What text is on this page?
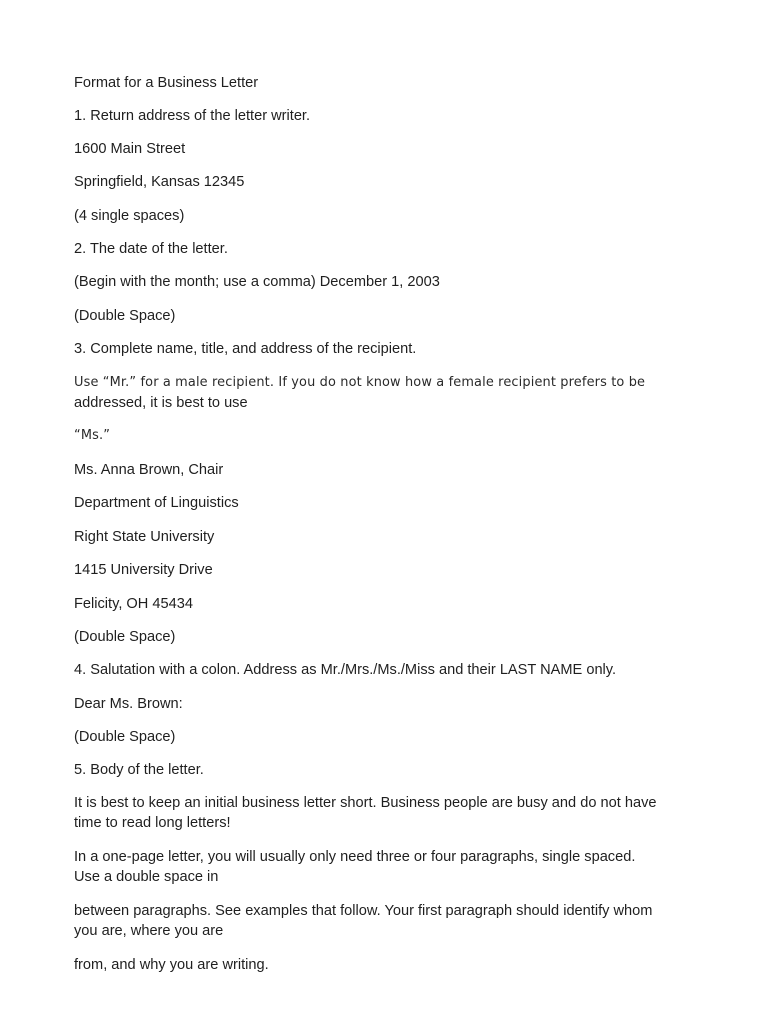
Format for a Business Letter

1. Return address of the letter writer.

1600 Main Street

Springfield, Kansas 12345

(4 single spaces)

2. The date of the letter.

(Begin with the month; use a comma) December 1, 2003

(Double Space)

3. Complete name, title, and address of the recipient.

Use “Mr.” for a male recipient. If you do not know how a female recipient prefers to be

addressed, it is best to use

“Ms.”

Ms. Anna Brown, Chair

Department of Linguistics

Right State University

1415 University Drive

Felicity, OH 45434

(Double Space)

4. Salutation with a colon. Address as Mr./Mrs./Ms./Miss and their LAST NAME only.

Dear Ms. Brown:

(Double Space)

5. Body of the letter.

It is best to keep an initial business letter short. Business people are busy and do not have

time to read long letters!

In a one-page letter, you will usually only need three or four paragraphs, single spaced.

Use a double space in

between paragraphs. See examples that follow. Your first paragraph should identify whom

you are, where you are

from, and why you are writing.
